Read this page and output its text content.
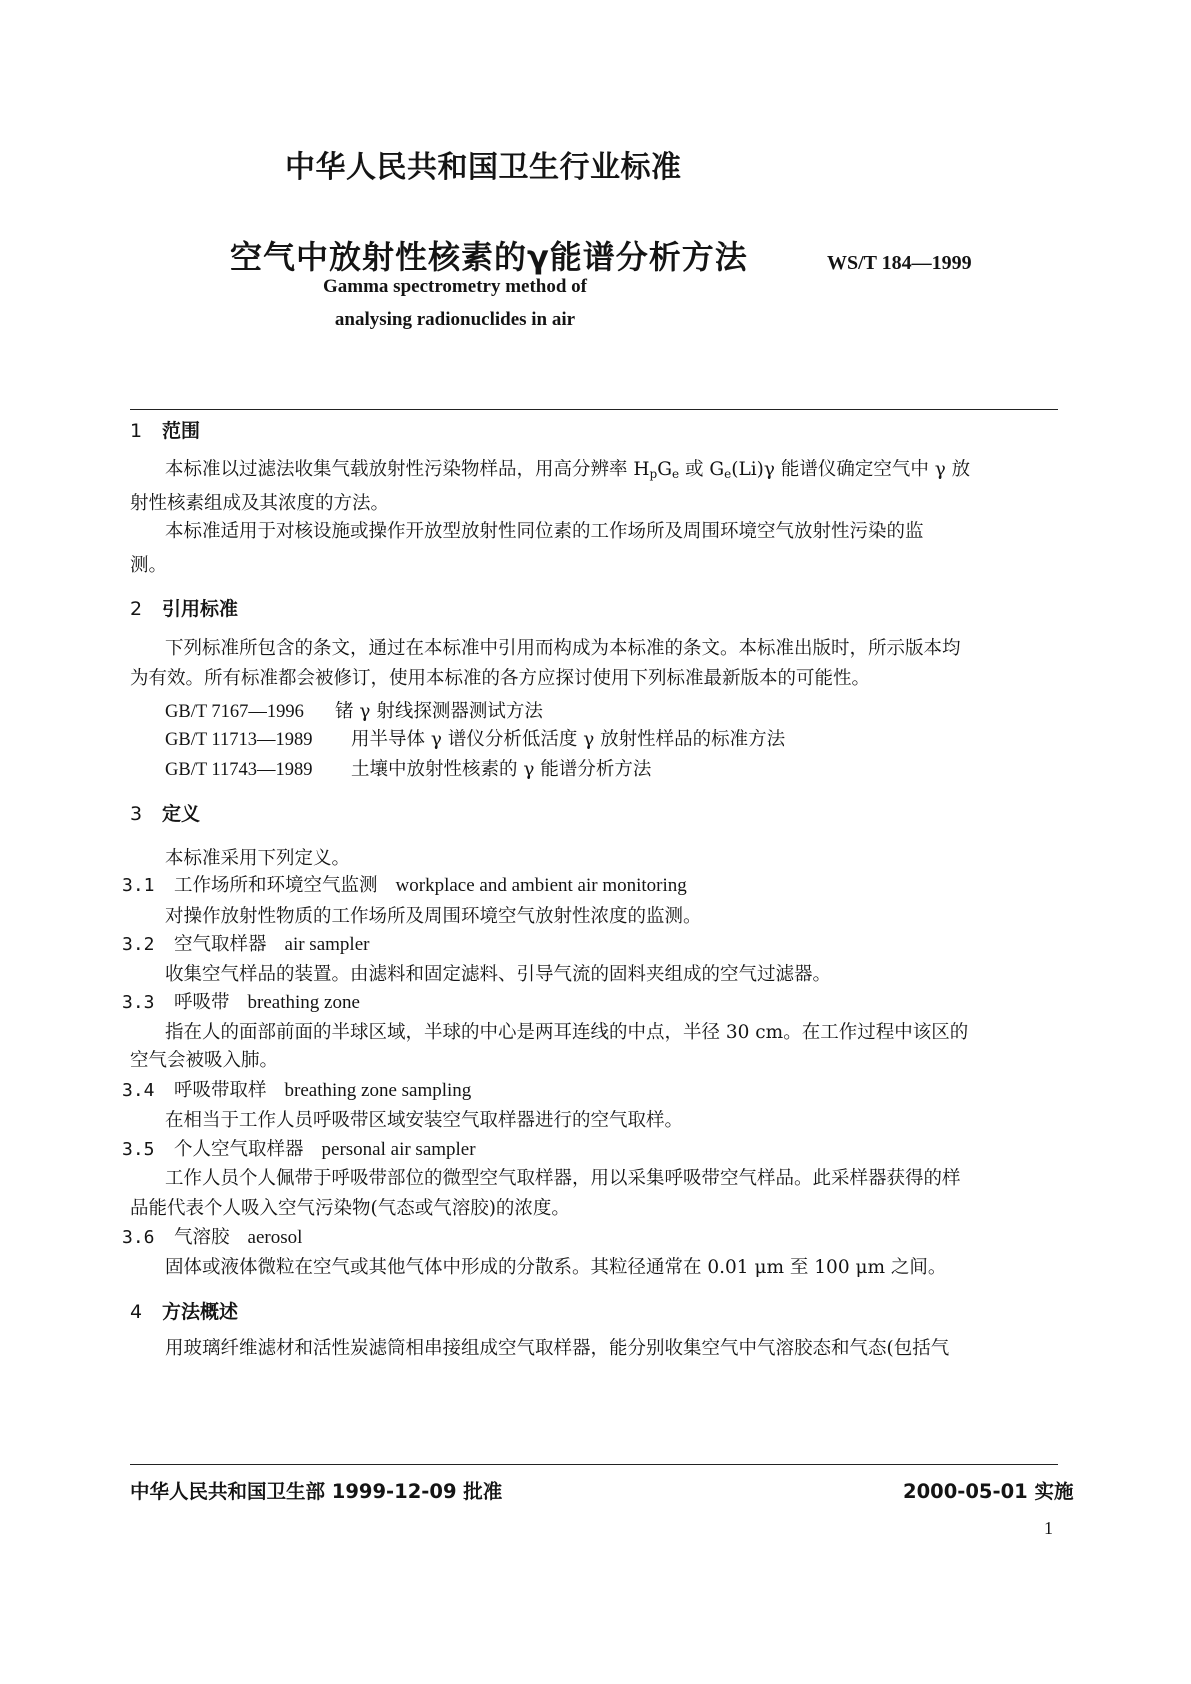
中华人民共和国卫生行业标准
空气中放射性核素的γ能谱分析方法	WS/T 184—1999
Gamma spectrometry method of
analysing radionuclides in air
1 范围
本标准以过滤法收集气载放射性污染物样品，用高分辨率 $H_pG_e$ 或 $G_e(Li)\gamma$ 能谱仪确定空气中 γ 放
射性核素组成及其浓度的方法。
本标准适用于对核设施或操作开放型放射性同位素的工作场所及周围环境空气放射性污染的监
测。
2 引用标准
下列标准所包含的条文，通过在本标准中引用而构成为本标准的条文。本标准出版时，所示版本均
为有效。所有标准都会被修订，使用本标准的各方应探讨使用下列标准最新版本的可能性。
GB/T 7167—1996 锗 γ 射线探测器测试方法
GB/T 11713—1989 用半导体 γ 谱仪分析低活度 γ 放射性样品的标准方法
GB/T 11743—1989 土壤中放射性核素的 γ 能谱分析方法
3 定义
本标准采用下列定义。
3.1 工作场所和环境空气监测 workplace and ambient air monitoring
对操作放射性物质的工作场所及周围环境空气放射性浓度的监测。
3.2 空气取样器 air sampler
收集空气样品的装置。由滤料和固定滤料、引导气流的固料夹组成的空气过滤器。
3.3 呼吸带 breathing zone
指在人的面部前面的半球区域，半球的中心是两耳连线的中点，半径 30 cm。在工作过程中该区的
空气会被吸入肺。
3.4 呼吸带取样 breathing zone sampling
在相当于工作人员呼吸带区域安装空气取样器进行的空气取样。
3.5 个人空气取样器 personal air sampler
工作人员个人佩带于呼吸带部位的微型空气取样器，用以采集呼吸带空气样品。此采样器获得的样
品能代表个人吸入空气污染物(气态或气溶胶)的浓度。
3.6 气溶胶 aerosol
固体或液体微粒在空气或其他气体中形成的分散系。其粒径通常在 0.01 μm 至 100 μm 之间。
4 方法概述
用玻璃纤维滤材和活性炭滤筒相串接组成空气取样器，能分别收集空气中气溶胶态和气态(包括气
中华人民共和国卫生部 1999-12-09 批准	2000-05-01 实施
1
